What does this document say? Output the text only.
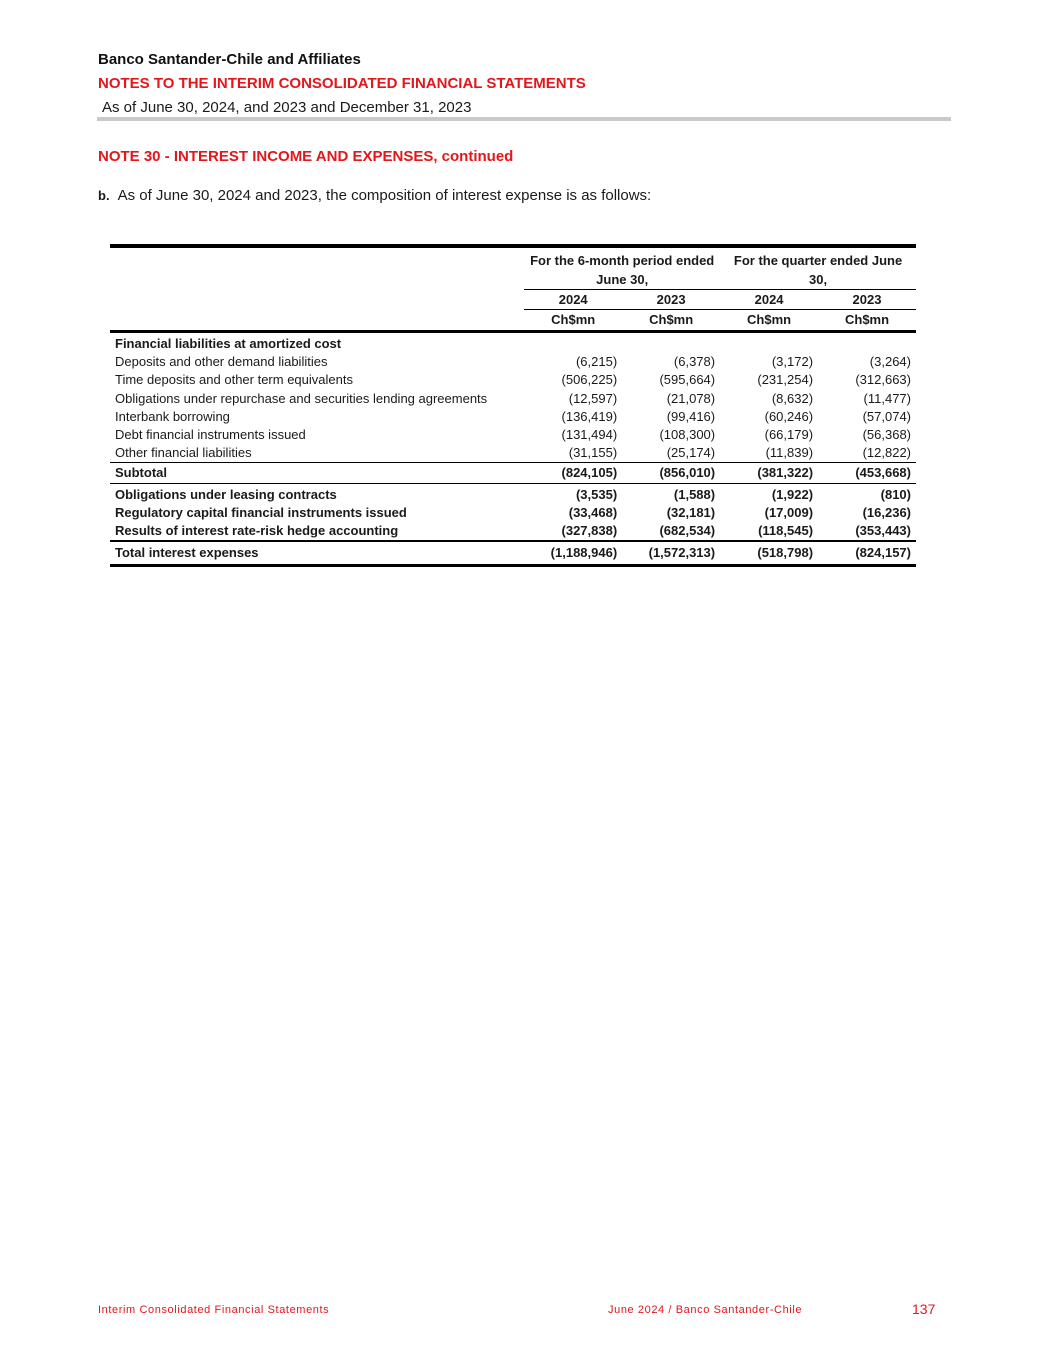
Banco Santander-Chile and Affiliates
NOTES TO THE INTERIM CONSOLIDATED FINANCIAL STATEMENTS
As of June 30, 2024, and 2023 and December 31, 2023
NOTE 30 - INTEREST INCOME AND EXPENSES, continued
b. As of June 30, 2024 and 2023, the composition of interest expense is as follows:

	For the 6-month period ended June 30,		For the quarter ended June 30,	
	2024	2023	2024	2023
	Ch$mn	Ch$mn	Ch$mn	Ch$mn
Financial liabilities at amortized cost				
Deposits and other demand liabilities	(6,215)	(6,378)	(3,172)	(3,264)
Time deposits and other term equivalents	(506,225)	(595,664)	(231,254)	(312,663)
Obligations under repurchase and securities lending agreements	(12,597)	(21,078)	(8,632)	(11,477)
Interbank borrowing	(136,419)	(99,416)	(60,246)	(57,074)
Debt financial instruments issued	(131,494)	(108,300)	(66,179)	(56,368)
Other financial liabilities	(31,155)	(25,174)	(11,839)	(12,822)
Subtotal	(824,105)	(856,010)	(381,322)	(453,668)
Obligations under leasing contracts	(3,535)	(1,588)	(1,922)	(810)
Regulatory capital financial instruments issued	(33,468)	(32,181)	(17,009)	(16,236)
Results of interest rate-risk hedge accounting	(327,838)	(682,534)	(118,545)	(353,443)
Total interest expenses	(1,188,946)	(1,572,313)	(518,798)	(824,157)
Interim Consolidated Financial Statements	June 2024 / Banco Santander-Chile	137
